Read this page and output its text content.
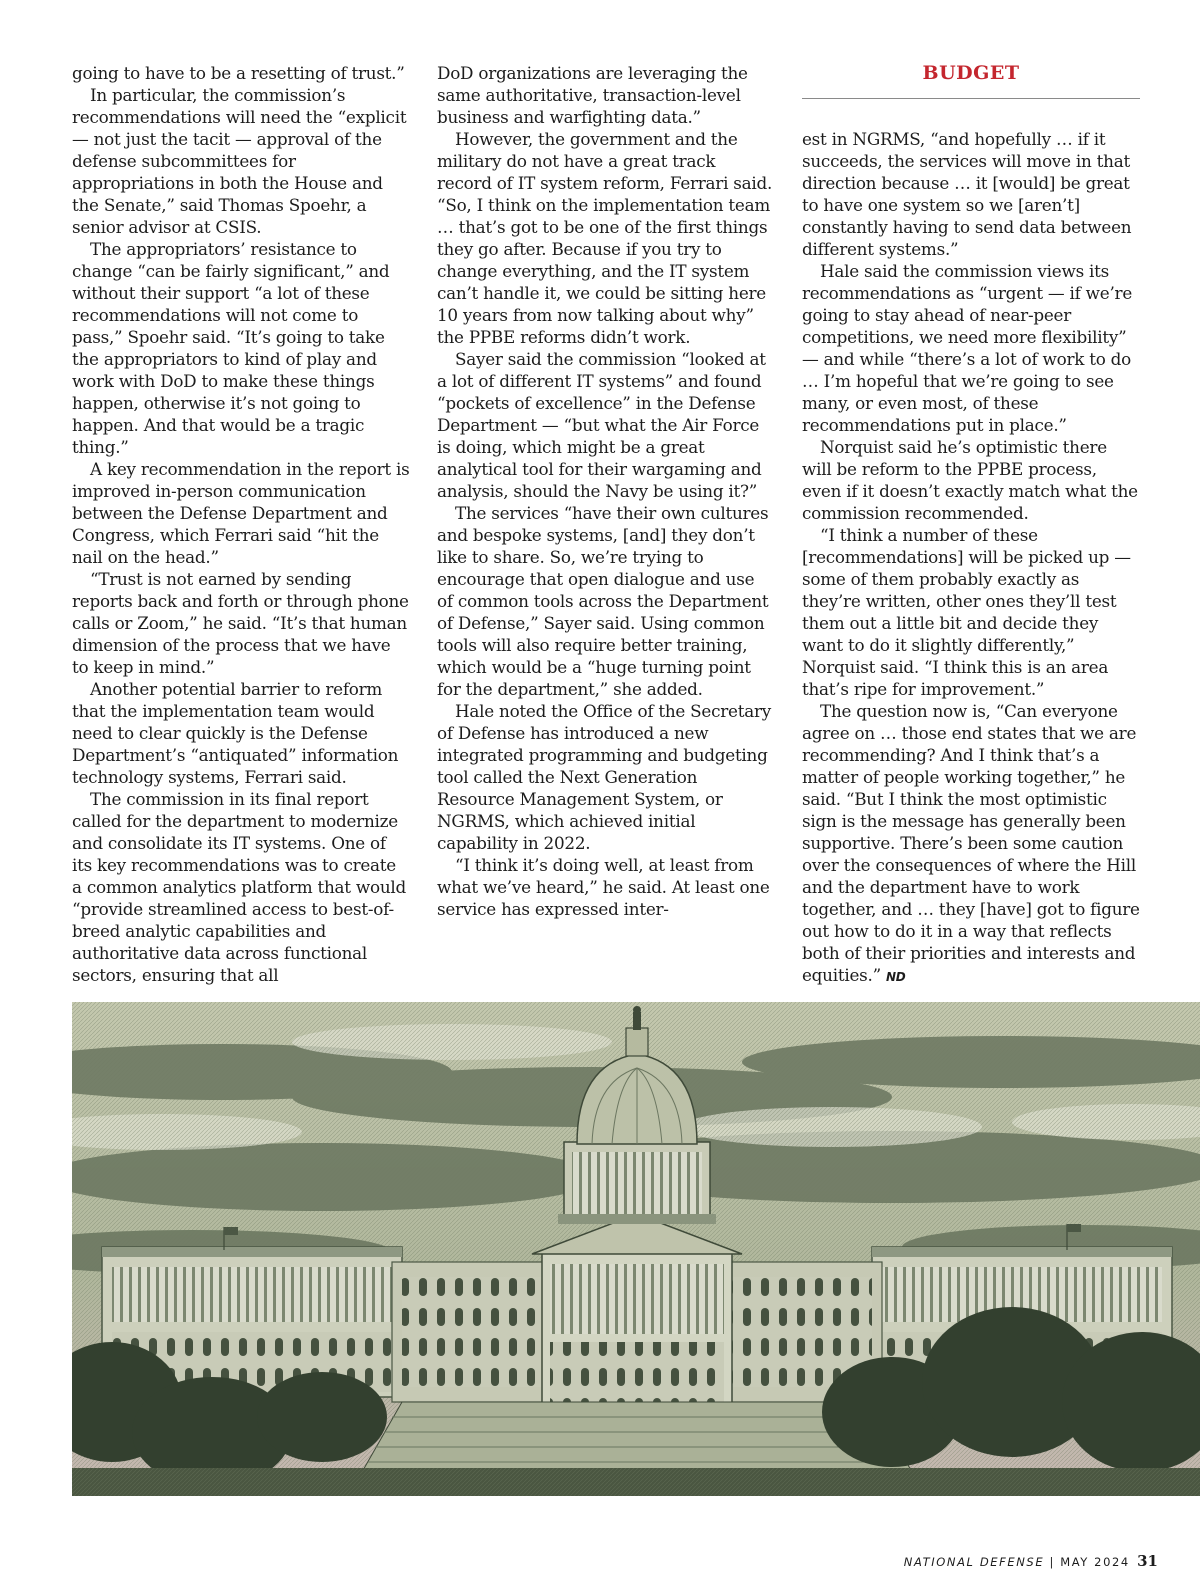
BUDGET

going to have to be a resetting of trust.”

In particular, the commission’s recommendations will need the “explicit — not just the tacit — approval of the defense subcommittees for appropriations in both the House and the Senate,” said Thomas Spoehr, a senior advisor at CSIS.

The appropriators’ resistance to change “can be fairly significant,” and without their support “a lot of these recommendations will not come to pass,” Spoehr said. “It’s going to take the appropriators to kind of play and work with DoD to make these things happen, otherwise it’s not going to happen. And that would be a tragic thing.”

A key recommendation in the report is improved in-person communication between the Defense Department and Congress, which Ferrari said “hit the nail on the head.”

“Trust is not earned by sending reports back and forth or through phone calls or Zoom,” he said. “It’s that human dimension of the process that we have to keep in mind.”

Another potential barrier to reform that the implementation team would need to clear quickly is the Defense Department’s “antiquated” information technology systems, Ferrari said.

The commission in its final report called for the department to modernize and consolidate its IT systems. One of its key recommendations was to create a common analytics platform that would “provide streamlined access to best-of-breed analytic capabilities and authoritative data across functional sectors, ensuring that all

DoD organizations are leveraging the same authoritative, transaction-level business and warfighting data.”

However, the government and the military do not have a great track record of IT system reform, Ferrari said. “So, I think on the implementation team … that’s got to be one of the first things they go after. Because if you try to change everything, and the IT system can’t handle it, we could be sitting here 10 years from now talking about why” the PPBE reforms didn’t work.

Sayer said the commission “looked at a lot of different IT systems” and found “pockets of excellence” in the Defense Department — “but what the Air Force is doing, which might be a great analytical tool for their wargaming and analysis, should the Navy be using it?”

The services “have their own cultures and bespoke systems, [and] they don’t like to share. So, we’re trying to encourage that open dialogue and use of common tools across the Department of Defense,” Sayer said. Using common tools will also require better training, which would be a “huge turning point for the department,” she added.

Hale noted the Office of the Secretary of Defense has introduced a new integrated programming and budgeting tool called the Next Generation Resource Management System, or NGRMS, which achieved initial capability in 2022.

“I think it’s doing well, at least from what we’ve heard,” he said. At least one service has expressed inter-

est in NGRMS, “and hopefully … if it succeeds, the services will move in that direction because … it [would] be great to have one system so we [aren’t] constantly having to send data between different systems.”

Hale said the commission views its recommendations as “urgent — if we’re going to stay ahead of near-peer competitions, we need more flexibility” — and while “there’s a lot of work to do … I’m hopeful that we’re going to see many, or even most, of these recommendations put in place.”

Norquist said he’s optimistic there will be reform to the PPBE process, even if it doesn’t exactly match what the commission recommended.

“I think a number of these [recommendations] will be picked up — some of them probably exactly as they’re written, other ones they’ll test them out a little bit and decide they want to do it slightly differently,” Norquist said. “I think this is an area that’s ripe for improvement.”

The question now is, “Can everyone agree on … those end states that we are recommending? And I think that’s a matter of people working together,” he said. “But I think the most optimistic sign is the message has generally been supportive. There’s been some caution over the consequences of where the Hill and the department have to work together, and … they [have] got to figure out how to do it in a way that reflects both of their priorities and interests and equities.” ND

NATIONAL DEFENSE | MAY 2024 31
